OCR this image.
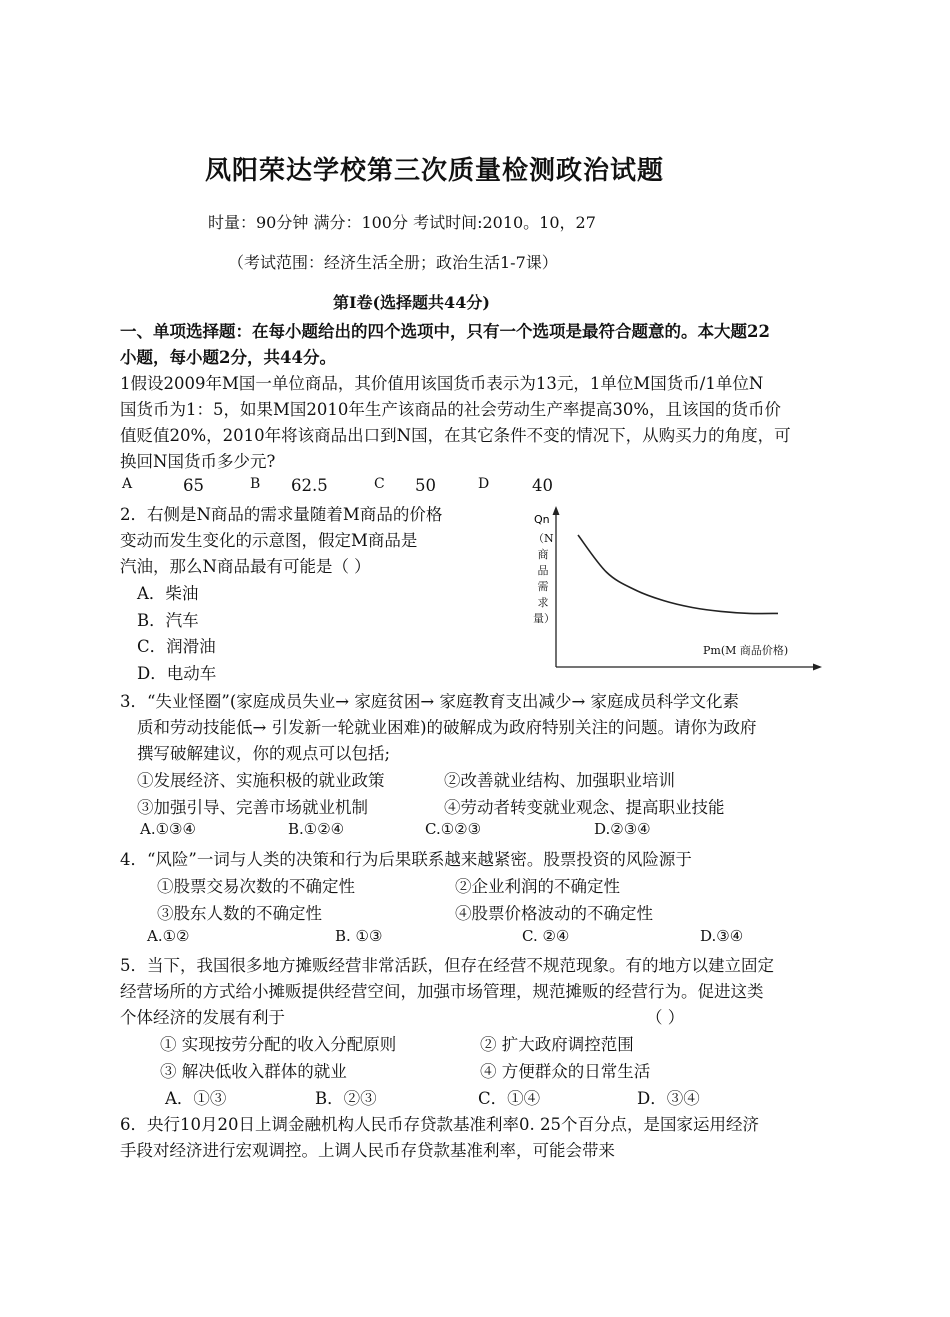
凤阳荣达学校第三次质量检测政治试题
时量：90分钟 满分：100分 考试时间:2010。10，27
（考试范围：经济生活全册；政治生活1-7课）
第Ⅰ卷(选择题共44分)
一、单项选择题：在每小题给出的四个选项中，只有一个选项是最符合题意的。本大题22
小题，每小题2分，共44分。
1假设2009年M国一单位商品，其价值用该国货币表示为13元，1单位M国货币/1单位N
国货币为1：5，如果M国2010年生产该商品的社会劳动生产率提高30%，且该国的货币价
值贬值20%，2010年将该商品出口到N国，在其它条件不变的情况下，从购买力的角度，可
换回N国货币多少元?
A	65	B 62.5	C 50	D	40
2．右侧是N商品的需求量随着M商品的价格
变动而发生变化的示意图，假定M商品是
汽油，那么N商品最有可能是（ ）
A．柴油
B．汽车
C．润滑油
D．电动车
Qn
（N商品需求量）
Pm(M 商品价格)
3．“失业怪圈”(家庭成员失业→ 家庭贫困→ 家庭教育支出减少→ 家庭成员科学文化素
质和劳动技能低→ 引发新一轮就业困难)的破解成为政府特别关注的问题。请你为政府
撰写破解建议，你的观点可以包括;
①发展经济、实施积极的就业政策	②改善就业结构、加强职业培训
③加强引导、完善市场就业机制	④劳动者转变就业观念、提高职业技能
A.①③④	B.①②④	C.①②③	D.②③④
4．“风险”一词与人类的决策和行为后果联系越来越紧密。股票投资的风险源于
①股票交易次数的不确定性	②企业利润的不确定性
③股东人数的不确定性	④股票价格波动的不确定性
A.①②	B. ①③	C. ②④	D.③④
5．当下，我国很多地方摊贩经营非常活跃，但存在经营不规范现象。有的地方以建立固定
经营场所的方式给小摊贩提供经营空间，加强市场管理，规范摊贩的经营行为。促进这类
个体经济的发展有利于	（ ）
① 实现按劳分配的收入分配原则	② 扩大政府调控范围
③ 解决低收入群体的就业	④ 方便群众的日常生活
A．①③	B．②③	C．①④	D．③④
6．央行10月20日上调金融机构人民币存贷款基准利率0. 25个百分点，是国家运用经济
手段对经济进行宏观调控。上调人民币存贷款基准利率，可能会带来
